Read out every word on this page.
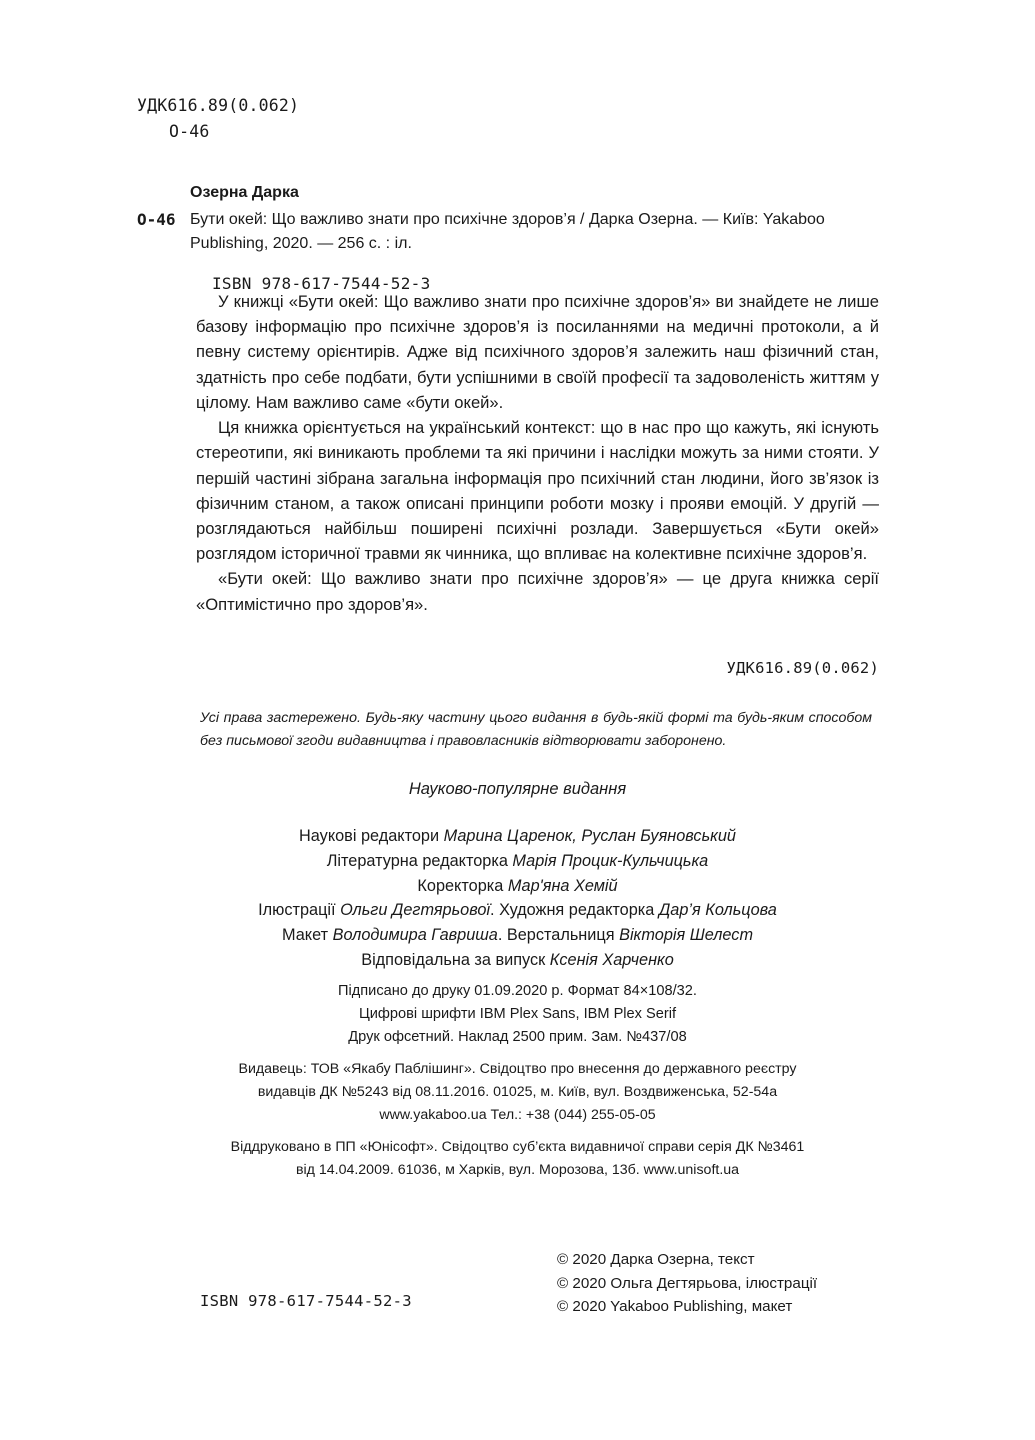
УДК616.89(0.062)
О-46
О-46
Озерна Дарка
Бути окей: Що важливо знати про психічне здоров’я / Дарка Озерна. — Київ: Yakaboo Publishing, 2020. — 256 с. : іл.
ISBN 978-617-7544-52-3

У книжці «Бути окей: Що важливо знати про психічне здоров’я» ви знайдете не лише базову інформацію про психічне здоров’я із посиланнями на медичні протоколи, а й певну систему орієнтирів. Адже від психічного здоров’я залежить наш фізичний стан, здатність про себе подбати, бути успішними в своїй професії та задоволеність життям у цілому. Нам важливо саме «бути окей».

Ця книжка орієнтується на український контекст: що в нас про що кажуть, які існують стереотипи, які виникають проблеми та які причини і наслідки можуть за ними стояти. У першій частині зібрана загальна інформація про психічний стан людини, його зв’язок із фізичним станом, а також описані принципи роботи мозку і прояви емоцій. У другій — розглядаються найбільш поширені психічні розлади. Завершується «Бути окей» розглядом історичної травми як чинника, що впливає на колективне психічне здоров’я.

«Бути окей: Що важливо знати про психічне здоров’я» — це друга книжка серії «Оптимістично про здоров’я».

УДК616.89(0.062)
Усі права застережено. Будь-яку частину цього видання в будь-якій формі та будь-яким способом без письмової згоди видавництва і правовласників відтворювати заборонено.
Науково-популярне видання
Наукові редактори Марина Царенок, Руслан Буяновський
Літературна редакторка Марія Процик-Кульчицька
Коректорка Мар'яна Хемій
Ілюстрації Ольги Дегтярьової. Художня редакторка Дар’я Кольцова
Макет Володимира Гавриша. Верстальниця Вікторія Шелест
Відповідальна за випуск Ксенія Харченко
Підписано до друку 01.09.2020 р. Формат 84×108/32.
Цифрові шрифти IBM Plex Sans, IBM Plex Serif
Друк офсетний. Наклад 2500 прим. Зам. №437/08
Видавець: ТОВ «Якабу Паблішинг». Свідоцтво про внесення до державного реєстру
видавців ДК №5243 від 08.11.2016. 01025, м. Київ, вул. Воздвиженська, 52-54а
www.yakaboo.ua Тел.: +38 (044) 255-05-05
Віддруковано в ПП «Юнісофт». Свідоцтво суб’єкта видавничої справи серія ДК №3461
від 14.04.2009. 61036, м Харків, вул. Морозова, 13б. www.unisoft.ua
© 2020 Дарка Озерна, текст
© 2020 Ольга Дегтярьова, ілюстрації
© 2020 Yakaboo Publishing, макет
ISBN 978-617-7544-52-3
